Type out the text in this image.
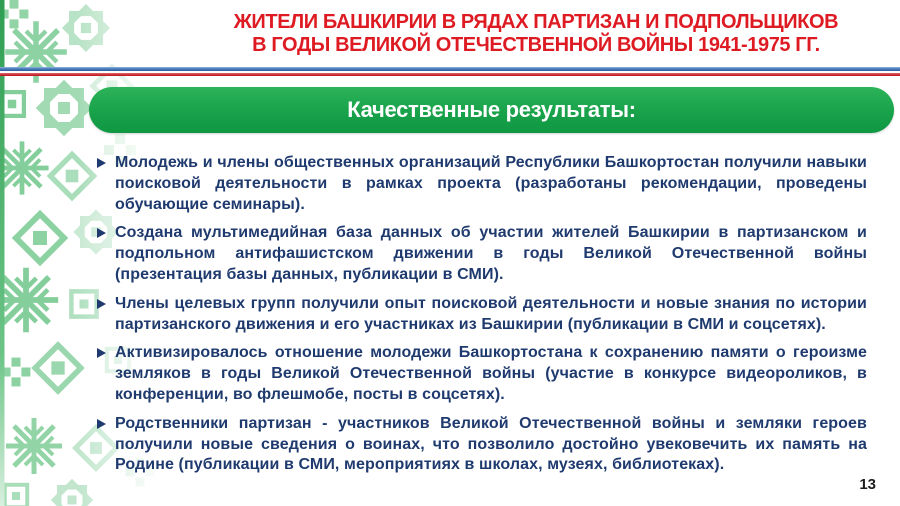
ЖИТЕЛИ БАШКИРИИ В РЯДАХ ПАРТИЗАН И ПОДПОЛЬЩИКОВ
В ГОДЫ ВЕЛИКОЙ ОТЕЧЕСТВЕННОЙ ВОЙНЫ 1941-1975 ГГ.
Качественные результаты:
Молодежь и члены общественных организаций Республики Башкортостан получили навыки поисковой деятельности в рамках проекта (разработаны рекомендации, проведены обучающие семинары).
Создана мультимедийная база данных об участии жителей Башкирии в партизанском и подпольном антифашистском движении в годы Великой Отечественной войны (презентация базы данных, публикации в СМИ).
Члены целевых групп получили опыт поисковой деятельности и новые знания по истории партизанского движения и его участниках из Башкирии (публикации в СМИ и соцсетях).
Активизировалось отношение молодежи Башкортостана к сохранению памяти о героизме земляков в годы Великой Отечественной войны (участие в конкурсе видеороликов, в конференции, во флешмобе, посты в соцсетях).
Родственники партизан - участников Великой Отечественной войны и земляки героев получили новые сведения о воинах, что позволило достойно увековечить их память на Родине (публикации в СМИ, мероприятиях в школах, музеях, библиотеках).
13
